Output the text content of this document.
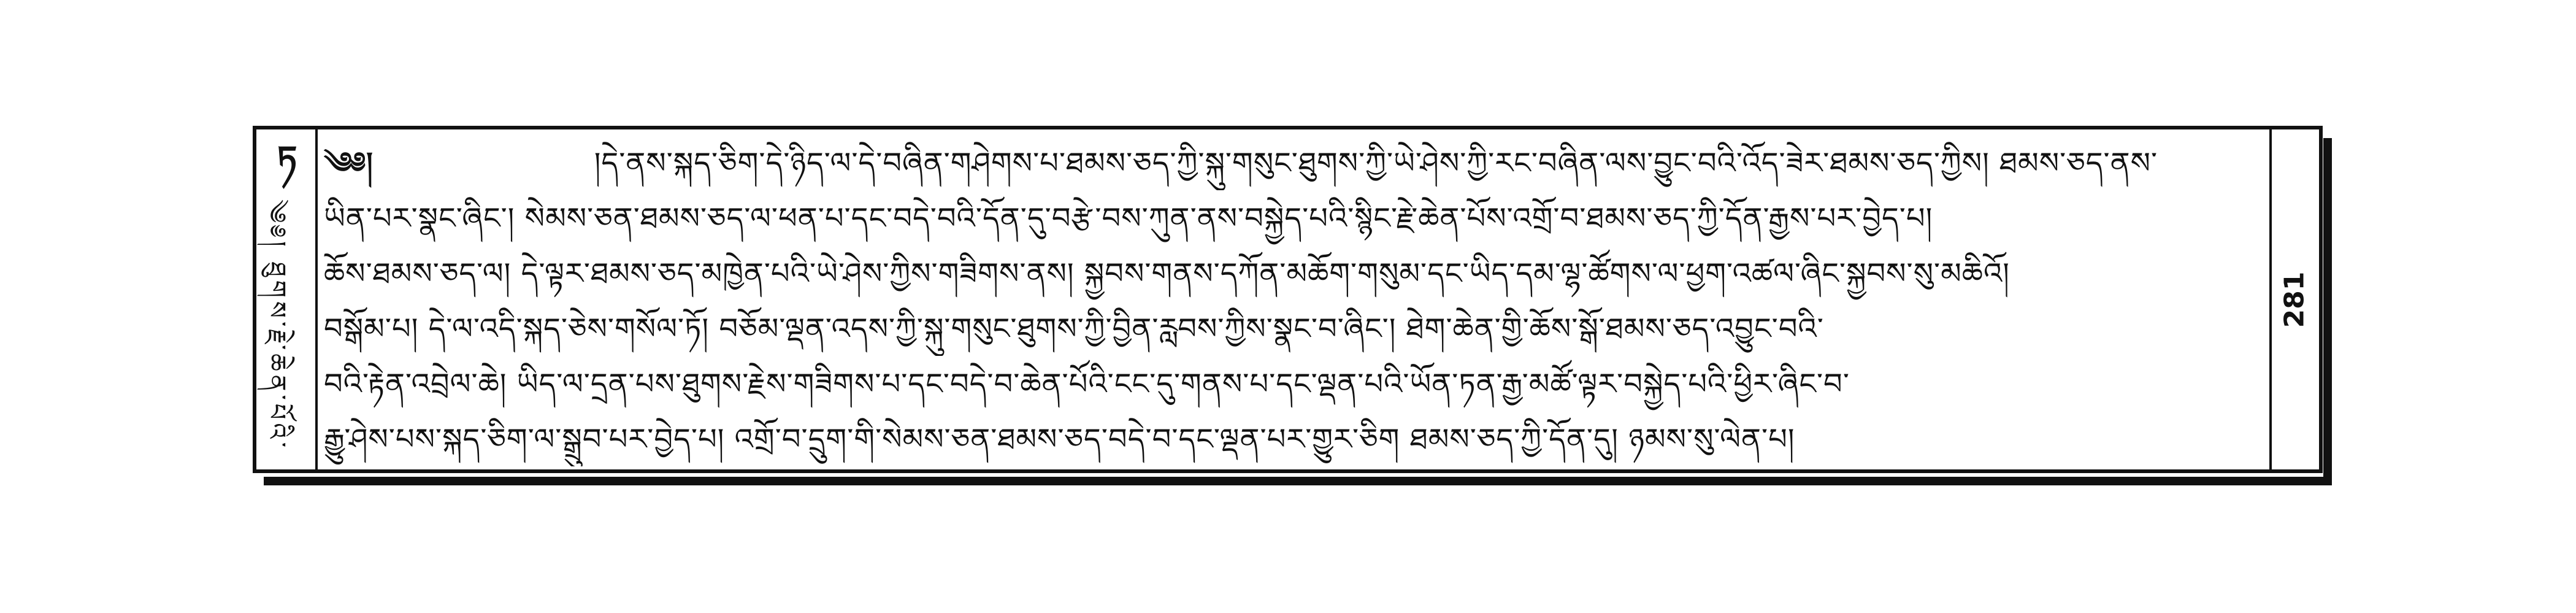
ཏ
༄༅། ཐུགས་རྗེ་ཆེན་པོའི་	281
༄༅།	།དེ་ནས་སྐད་ཅིག་དེ་ཉིད་ལ་དེ་བཞིན་གཤེགས་པ་ཐམས་ཅད་ཀྱི་སྐུ་གསུང་ཐུགས་ཀྱི་ཡེ་ཤེས་ཀྱི་རང་བཞིན་ལས་བྱུང་བའི་འོད་ཟེར་ཐམས་ཅད་ཀྱིས། ཐམས་ཅད་ནས་
ཡིན་པར་སྣང་ཞིང་། སེམས་ཅན་ཐམས་ཅད་ལ་ཕན་པ་དང་བདེ་བའི་དོན་དུ་བརྩེ་བས་ཀུན་ནས་བསྐྱེད་པའི་སྙིང་རྗེ་ཆེན་པོས་འགྲོ་བ་ཐམས་ཅད་ཀྱི་དོན་རྒྱས་པར་བྱེད་པ།
ཆོས་ཐམས་ཅད་ལ། དེ་ལྟར་ཐམས་ཅད་མཁྱེན་པའི་ཡེ་ཤེས་ཀྱིས་གཟིགས་ནས། སྐྱབས་གནས་དཀོན་མཆོག་གསུམ་དང་ཡིད་དམ་ལྷ་ཚོགས་ལ་ཕྱག་འཚལ་ཞིང་སྐྱབས་སུ་མཆིའོ།
བསྒོམ་པ། དེ་ལ་འདི་སྐད་ཅེས་གསོལ་ཏོ། བཅོམ་ལྡན་འདས་ཀྱི་སྐུ་གསུང་ཐུགས་ཀྱི་བྱིན་རླབས་ཀྱིས་སྣང་བ་ཞིང་། ཐེག་ཆེན་གྱི་ཆོས་སྒོ་ཐམས་ཅད་འབྱུང་བའི་
བའི་རྟེན་འབྲེལ་ཆེ། ཡིད་ལ་དྲན་པས་ཐུགས་རྗེས་གཟིགས་པ་དང་བདེ་བ་ཆེན་པོའི་ངང་དུ་གནས་པ་དང་ལྡན་པའི་ཡོན་ཏན་རྒྱ་མཚོ་ལྟར་བསྐྱེད་པའི་ཕྱིར་ཞིང་བ་
རྒྱུ་ཤེས་པས་སྐད་ཅིག་ལ་སྒྲུབ་པར་བྱེད་པ། འགྲོ་བ་དྲུག་གི་སེམས་ཅན་ཐམས་ཅད་བདེ་བ་དང་ལྡན་པར་གྱུར་ཅིག ཐམས་ཅད་ཀྱི་དོན་དུ། ཉམས་སུ་ལེན་པ།
